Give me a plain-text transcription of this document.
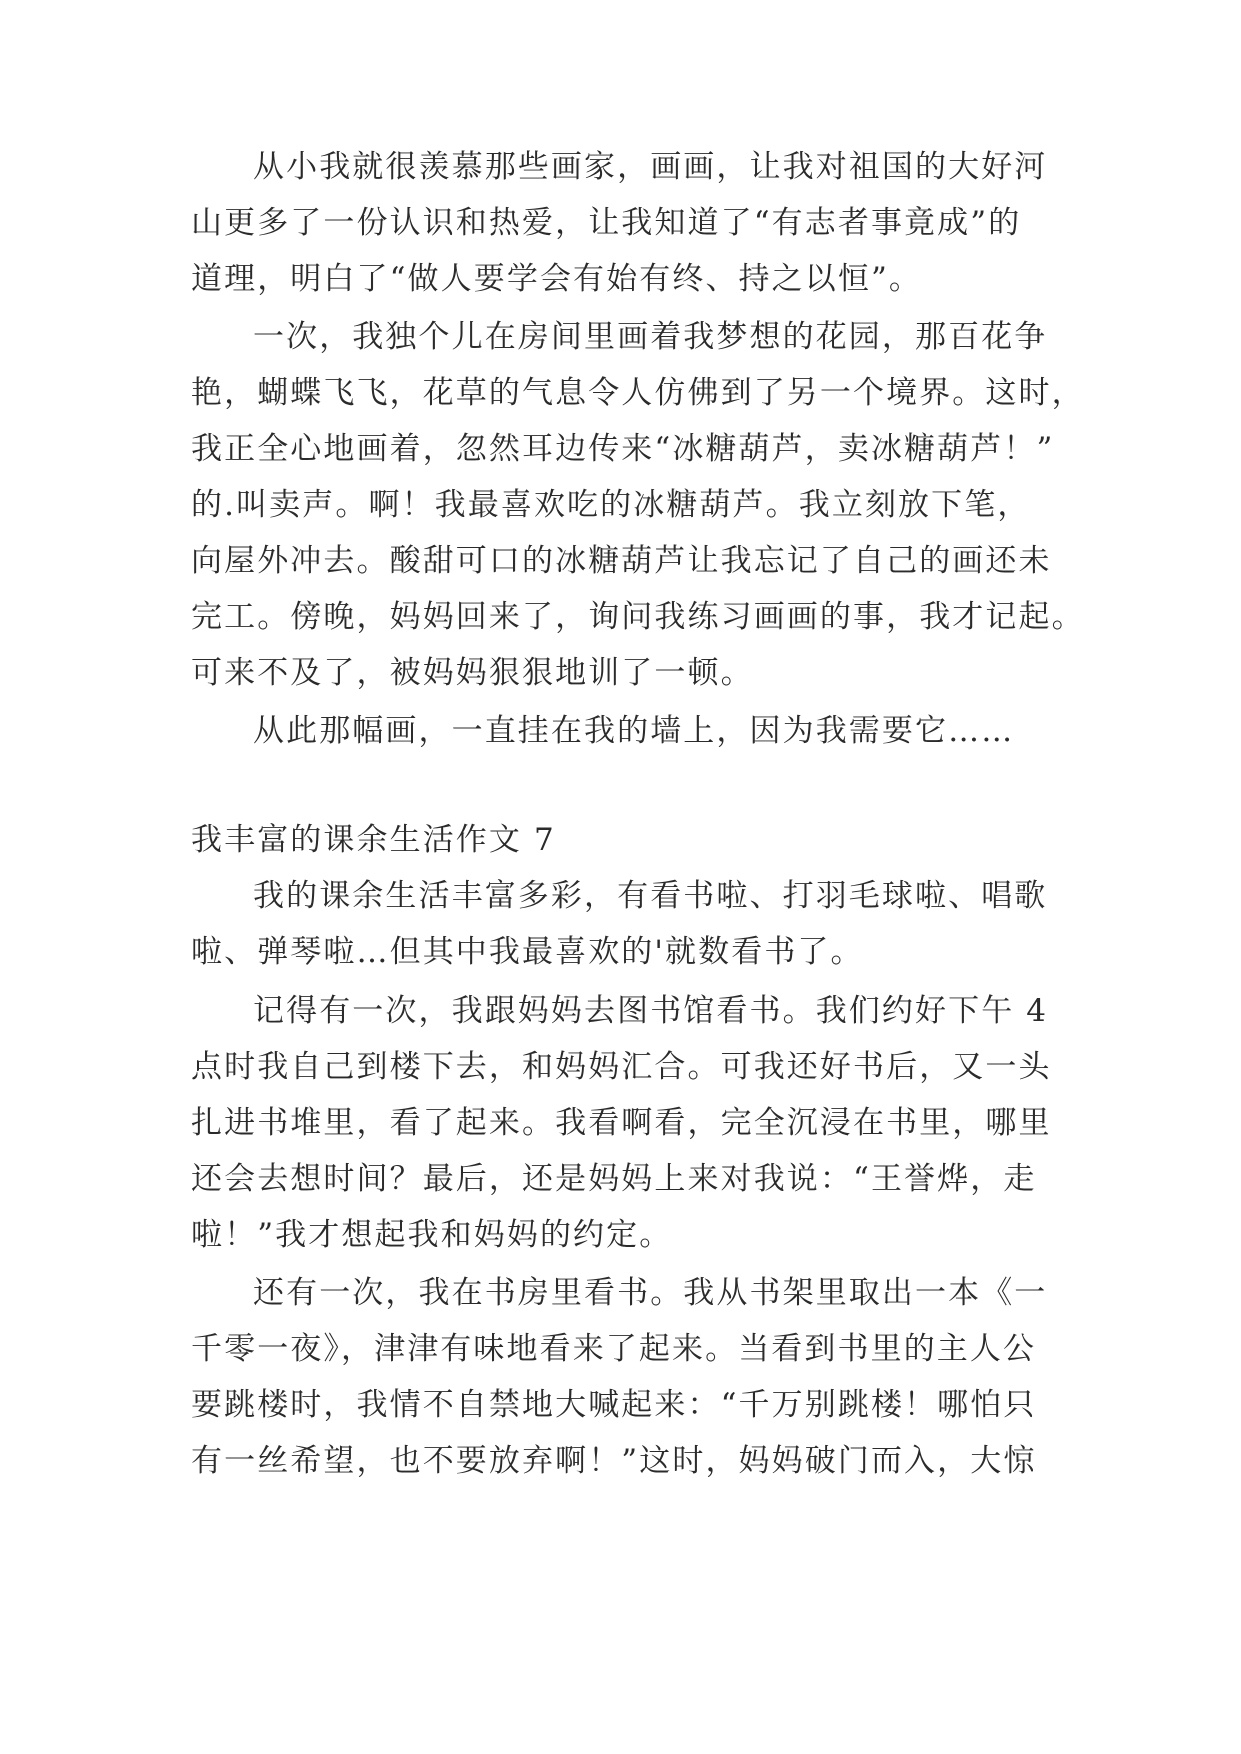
从小我就很羡慕那些画家，画画，让我对祖国的大好河
山更多了一份认识和热爱，让我知道了“有志者事竟成”的
道理，明白了“做人要学会有始有终、持之以恒”。
一次，我独个儿在房间里画着我梦想的花园，那百花争
艳，蝴蝶飞飞，花草的气息令人仿佛到了另一个境界。这时，
我正全心地画着，忽然耳边传来“冰糖葫芦，卖冰糖葫芦！”
的.叫卖声。啊！我最喜欢吃的冰糖葫芦。我立刻放下笔，
向屋外冲去。酸甜可口的冰糖葫芦让我忘记了自己的画还未
完工。傍晚，妈妈回来了，询问我练习画画的事，我才记起。
可来不及了，被妈妈狠狠地训了一顿。
从此那幅画，一直挂在我的墙上，因为我需要它……
我丰富的课余生活作文 7
我的课余生活丰富多彩，有看书啦、打羽毛球啦、唱歌
啦、弹琴啦…但其中我最喜欢的'就数看书了。
记得有一次，我跟妈妈去图书馆看书。我们约好下午 4
点时我自己到楼下去，和妈妈汇合。可我还好书后，又一头
扎进书堆里，看了起来。我看啊看，完全沉浸在书里，哪里
还会去想时间？最后，还是妈妈上来对我说：“王誉烨，走
啦！”我才想起我和妈妈的约定。
还有一次，我在书房里看书。我从书架里取出一本《一
千零一夜》，津津有味地看来了起来。当看到书里的主人公
要跳楼时，我情不自禁地大喊起来：“千万别跳楼！哪怕只
有一丝希望，也不要放弃啊！”这时，妈妈破门而入，大惊
